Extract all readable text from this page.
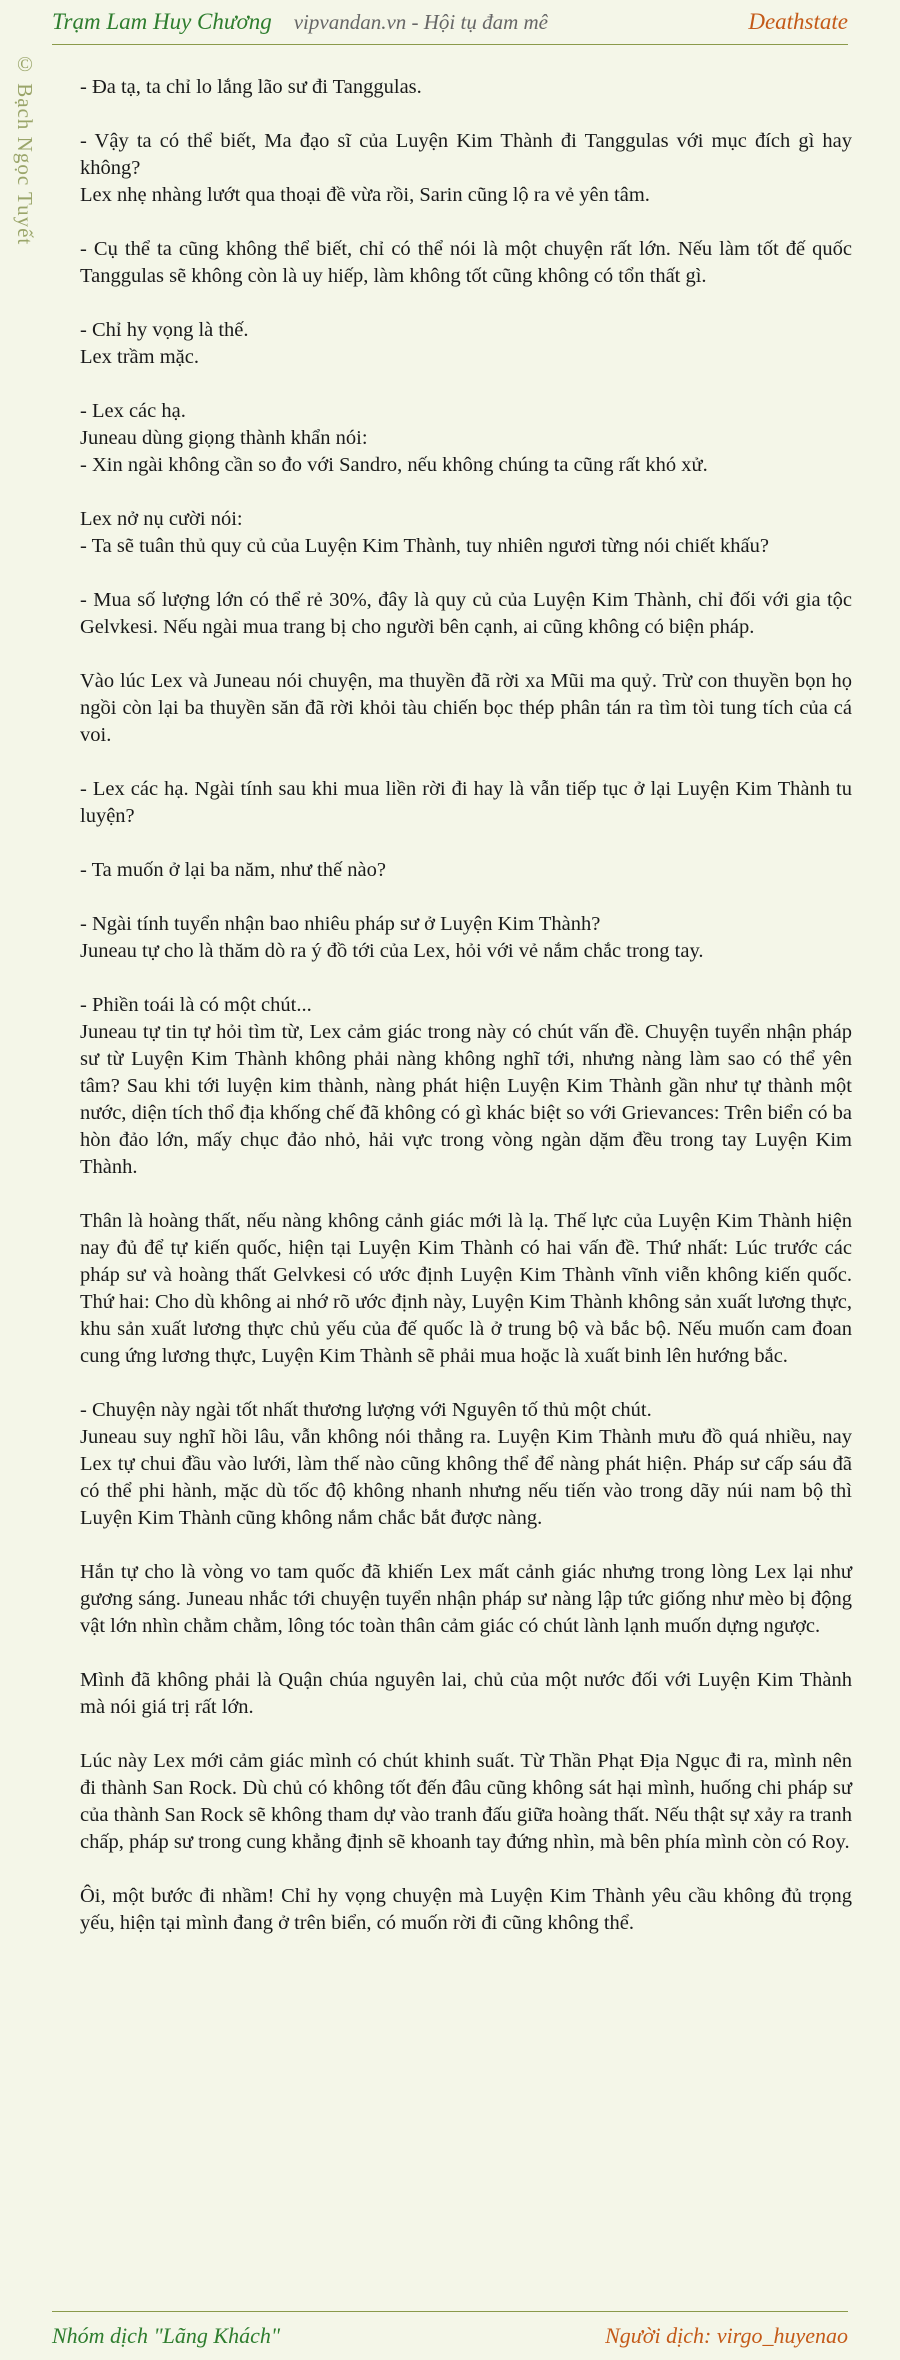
Trạm Lam Huy Chương vipvandan.vn - Hội tụ đam mê	Deathstate
© Bạch Ngọc Tuyết - Đa tạ, ta chỉ lo lắng lão sư đi Tanggulas.

- Vậy ta có thể biết, Ma đạo sĩ của Luyện Kim Thành đi Tanggulas với mục đích gì hay không?

Lex nhẹ nhàng lướt qua thoại đề vừa rồi, Sarin cũng lộ ra vẻ yên tâm.

- Cụ thể ta cũng không thể biết, chỉ có thể nói là một chuyện rất lớn. Nếu làm tốt đế quốc Tanggulas sẽ không còn là uy hiếp, làm không tốt cũng không có tổn thất gì.

- Chỉ hy vọng là thế.

Lex trầm mặc.

- Lex các hạ.

Juneau dùng giọng thành khẩn nói:

- Xin ngài không cần so đo với Sandro, nếu không chúng ta cũng rất khó xử.

Lex nở nụ cười nói:

- Ta sẽ tuân thủ quy củ của Luyện Kim Thành, tuy nhiên ngươi từng nói chiết khấu?

- Mua số lượng lớn có thể rẻ 30%, đây là quy củ của Luyện Kim Thành, chỉ đối với gia tộc Gelvkesi. Nếu ngài mua trang bị cho người bên cạnh, ai cũng không có biện pháp.

Vào lúc Lex và Juneau nói chuyện, ma thuyền đã rời xa Mũi ma quỷ. Trừ con thuyền bọn họ ngồi còn lại ba thuyền săn đã rời khỏi tàu chiến bọc thép phân tán ra tìm tòi tung tích của cá voi.

- Lex các hạ. Ngài tính sau khi mua liền rời đi hay là vẫn tiếp tục ở lại Luyện Kim Thành tu luyện?

- Ta muốn ở lại ba năm, như thế nào?

- Ngài tính tuyển nhận bao nhiêu pháp sư ở Luyện Kim Thành?

Juneau tự cho là thăm dò ra ý đồ tới của Lex, hỏi với vẻ nắm chắc trong tay.

- Phiền toái là có một chút...

Juneau tự tin tự hỏi tìm từ, Lex cảm giác trong này có chút vấn đề. Chuyện tuyển nhận pháp sư từ Luyện Kim Thành không phải nàng không nghĩ tới, nhưng nàng làm sao có thể yên tâm? Sau khi tới luyện kim thành, nàng phát hiện Luyện Kim Thành gần như tự thành một nước, diện tích thổ địa khống chế đã không có gì khác biệt so với Grievances: Trên biển có ba hòn đảo lớn, mấy chục đảo nhỏ, hải vực trong vòng ngàn dặm đều trong tay Luyện Kim Thành.

Thân là hoàng thất, nếu nàng không cảnh giác mới là lạ. Thế lực của Luyện Kim Thành hiện nay đủ để tự kiến quốc, hiện tại Luyện Kim Thành có hai vấn đề. Thứ nhất: Lúc trước các pháp sư và hoàng thất Gelvkesi có ước định Luyện Kim Thành vĩnh viễn không kiến quốc. Thứ hai: Cho dù không ai nhớ rõ ước định này, Luyện Kim Thành không sản xuất lương thực, khu sản xuất lương thực chủ yếu của đế quốc là ở trung bộ và bắc bộ. Nếu muốn cam đoan cung ứng lương thực, Luyện Kim Thành sẽ phải mua hoặc là xuất binh lên hướng bắc.

- Chuyện này ngài tốt nhất thương lượng với Nguyên tố thủ một chút.

Juneau suy nghĩ hồi lâu, vẫn không nói thẳng ra. Luyện Kim Thành mưu đồ quá nhiều, nay Lex tự chui đầu vào lưới, làm thế nào cũng không thể để nàng phát hiện. Pháp sư cấp sáu đã có thể phi hành, mặc dù tốc độ không nhanh nhưng nếu tiến vào trong dãy núi nam bộ thì Luyện Kim Thành cũng không nắm chắc bắt được nàng.

Hắn tự cho là vòng vo tam quốc đã khiến Lex mất cảnh giác nhưng trong lòng Lex lại như gương sáng. Juneau nhắc tới chuyện tuyển nhận pháp sư nàng lập tức giống như mèo bị động vật lớn nhìn chằm chằm, lông tóc toàn thân cảm giác có chút lành lạnh muốn dựng ngược.

Mình đã không phải là Quận chúa nguyên lai, chủ của một nước đối với Luyện Kim Thành mà nói giá trị rất lớn.

Lúc này Lex mới cảm giác mình có chút khinh suất. Từ Thần Phạt Địa Ngục đi ra, mình nên đi thành San Rock. Dù chủ có không tốt đến đâu cũng không sát hại mình, huống chi pháp sư của thành San Rock sẽ không tham dự vào tranh đấu giữa hoàng thất. Nếu thật sự xảy ra tranh chấp, pháp sư trong cung khẳng định sẽ khoanh tay đứng nhìn, mà bên phía mình còn có Roy.

Ôi, một bước đi nhầm! Chỉ hy vọng chuyện mà Luyện Kim Thành yêu cầu không đủ trọng yếu, hiện tại mình đang ở trên biển, có muốn rời đi cũng không thể.

Nhóm dịch "Lãng Khách"	Người dịch: virgo_huyenao
